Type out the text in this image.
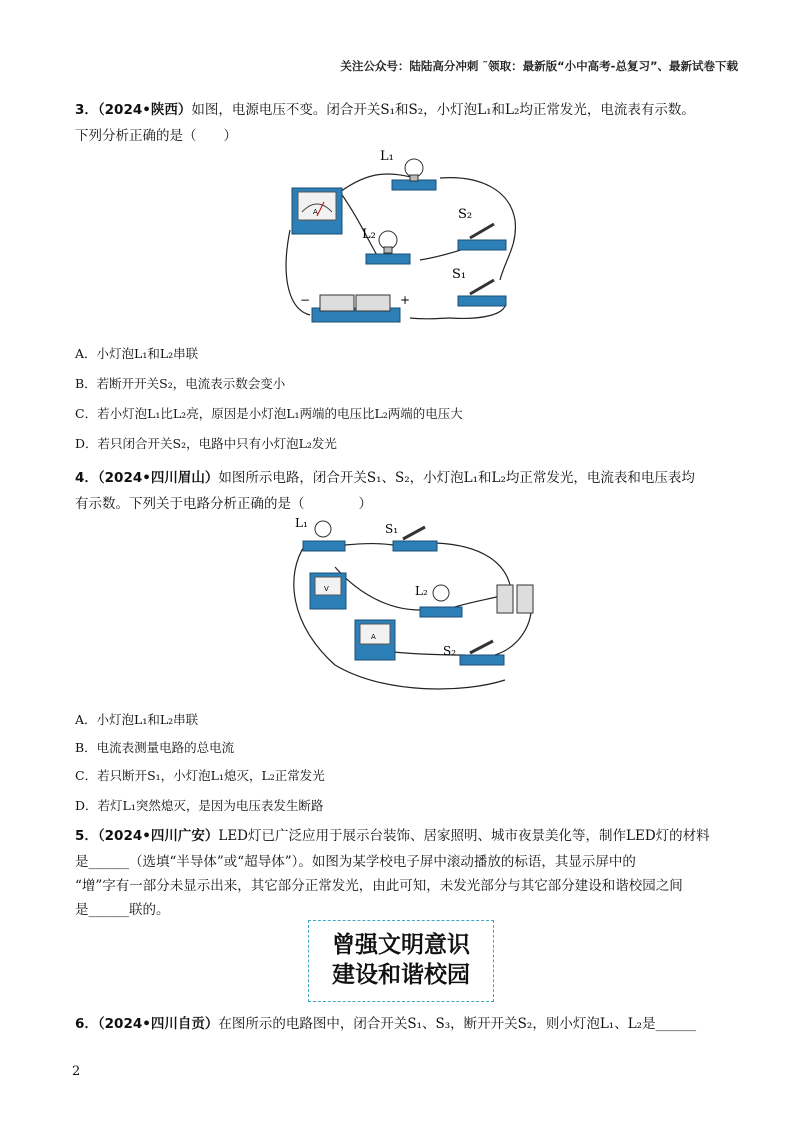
关注公众号：陆陆高分冲刺 ˜领取：最新版“小中高考-总复习”、最新试卷下载
3．（2024•陕西）如图，电源电压不变。闭合开关S₁和S₂，小灯泡L₁和L₂均正常发光，电流表有示数。
下列分析正确的是（　　）
A
L₁
L₂
S₂
S₁
−	+
A．小灯泡L₁和L₂串联
B．若断开开关S₂，电流表示数会变小
C．若小灯泡L₁比L₂亮，原因是小灯泡L₁两端的电压比L₂两端的电压大
D．若只闭合开关S₂，电路中只有小灯泡L₂发光
4．（2024•四川眉山）如图所示电路，闭合开关S₁、S₂，小灯泡L₁和L₂均正常发光，电流表和电压表均
有示数。下列关于电路分析正确的是（　　　　）
L₁	S₁
V	L₂
A
S₂
A．小灯泡L₁和L₂串联
B．电流表测量电路的总电流
C．若只断开S₁，小灯泡L₁熄灭，L₂正常发光
D．若灯L₁突然熄灭，是因为电压表发生断路
5．（2024•四川广安）LED灯已广泛应用于展示台装饰、居家照明、城市夜景美化等，制作LED灯的材料
是______（选填“半导体”或“超导体”）。如图为某学校电子屏中滚动播放的标语，其显示屏中的
“增”字有一部分未显示出来，其它部分正常发光，由此可知，未发光部分与其它部分建设和谐校园之间
是______联的。
曾强文明意识
建设和谐校园
6．（2024•四川自贡）在图所示的电路图中，闭合开关S₁、S₃，断开开关S₂，则小灯泡L₁、L₂是______
2
